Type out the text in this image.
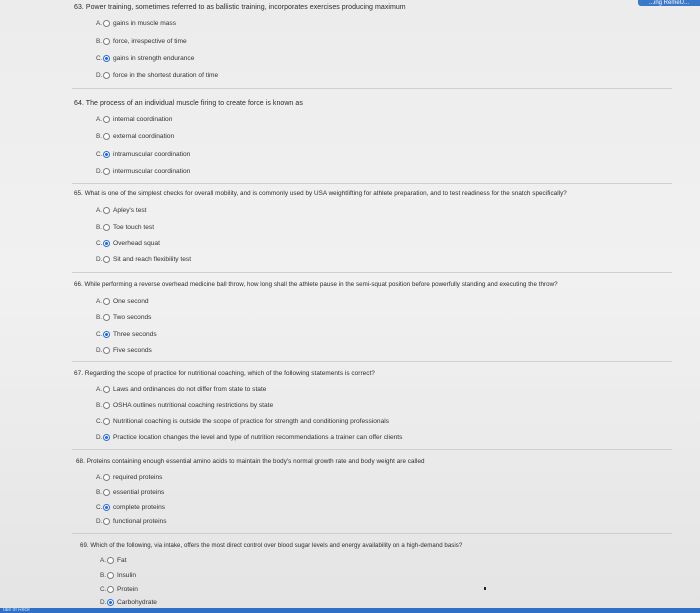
...ing RemeU...
63. Power training, sometimes referred to as ballistic training, incorporates exercises producing maximum
A. gains in muscle mass
B. force, irrespective of time
C. gains in strength endurance
D. force in the shortest duration of time
64. The process of an individual muscle firing to create force is known as
A. internal coordination
B. external coordination
C. intramuscular coordination
D. intermuscular coordination
65. What is one of the simplest checks for overall mobility, and is commonly used by USA weightlifting for athlete preparation, and to test readiness for the snatch specifically?
A. Apley's test
B. Toe touch test
C. Overhead squat
D. Sit and reach flexibility test
66. While performing a reverse overhead medicine ball throw, how long shall the athlete pause in the semi-squat position before powerfully standing and executing the throw?
A. One second
B. Two seconds
C. Three seconds
D. Five seconds
67. Regarding the scope of practice for nutritional coaching, which of the following statements is correct?
A. Laws and ordinances do not differ from state to state
B. OSHA outlines nutritional coaching restrictions by state
C. Nutritional coaching is outside the scope of practice for strength and conditioning professionals
D. Practice location changes the level and type of nutrition recommendations a trainer can offer clients
68. Proteins containing enough essential amino acids to maintain the body's normal growth rate and body weight are called
A. required proteins
B. essential proteins
C. complete proteins
D. functional proteins
69. Which of the following, via intake, offers the most direct control over blood sugar levels and energy availability on a high-demand basis?
A. Fat
B. Insulin
C. Protein
D. Carbohydrate
Tale of Rece
